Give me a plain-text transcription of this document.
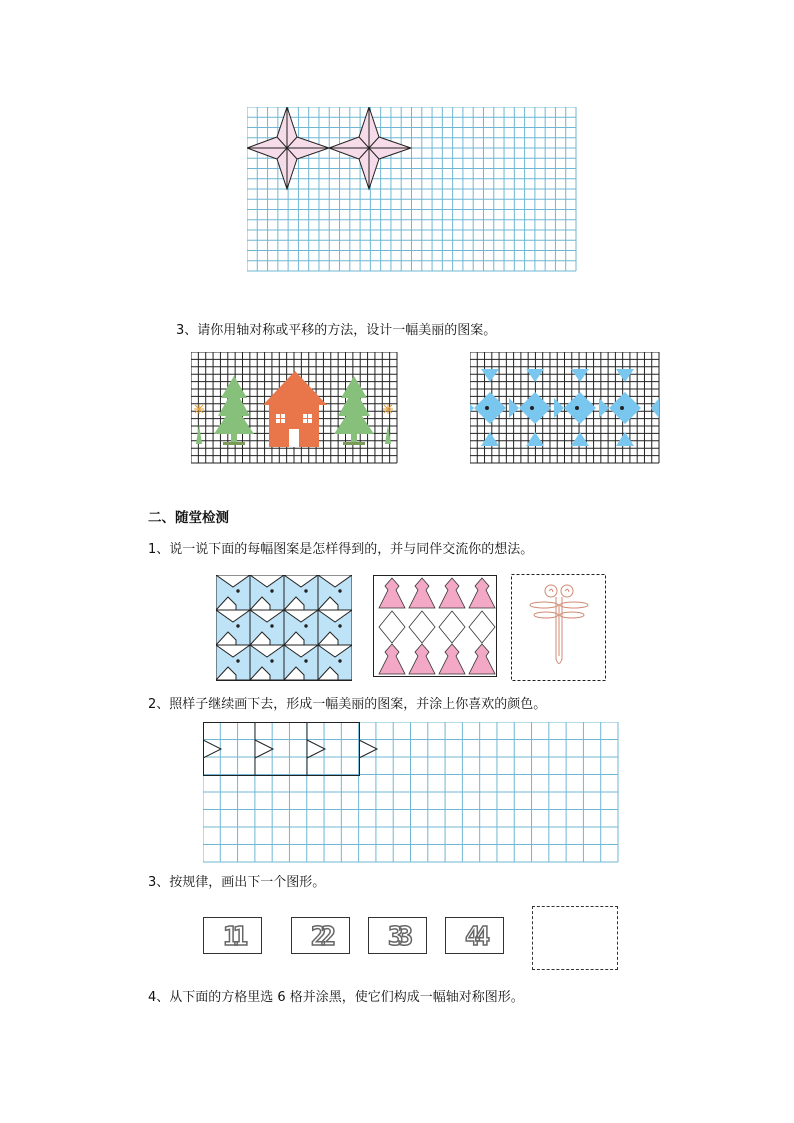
3、请你用轴对称或平移的方法，设计一幅美丽的图案。
二、随堂检测
1、说一说下面的每幅图案是怎样得到的，并与同伴交流你的想法。
2、照样子继续画下去，形成一幅美丽的图案，并涂上你喜欢的颜色。
3、按规律，画出下一个图形。
11	22	33	44
4、从下面的方格里选 6 格并涂黑，使它们构成一幅轴对称图形。
